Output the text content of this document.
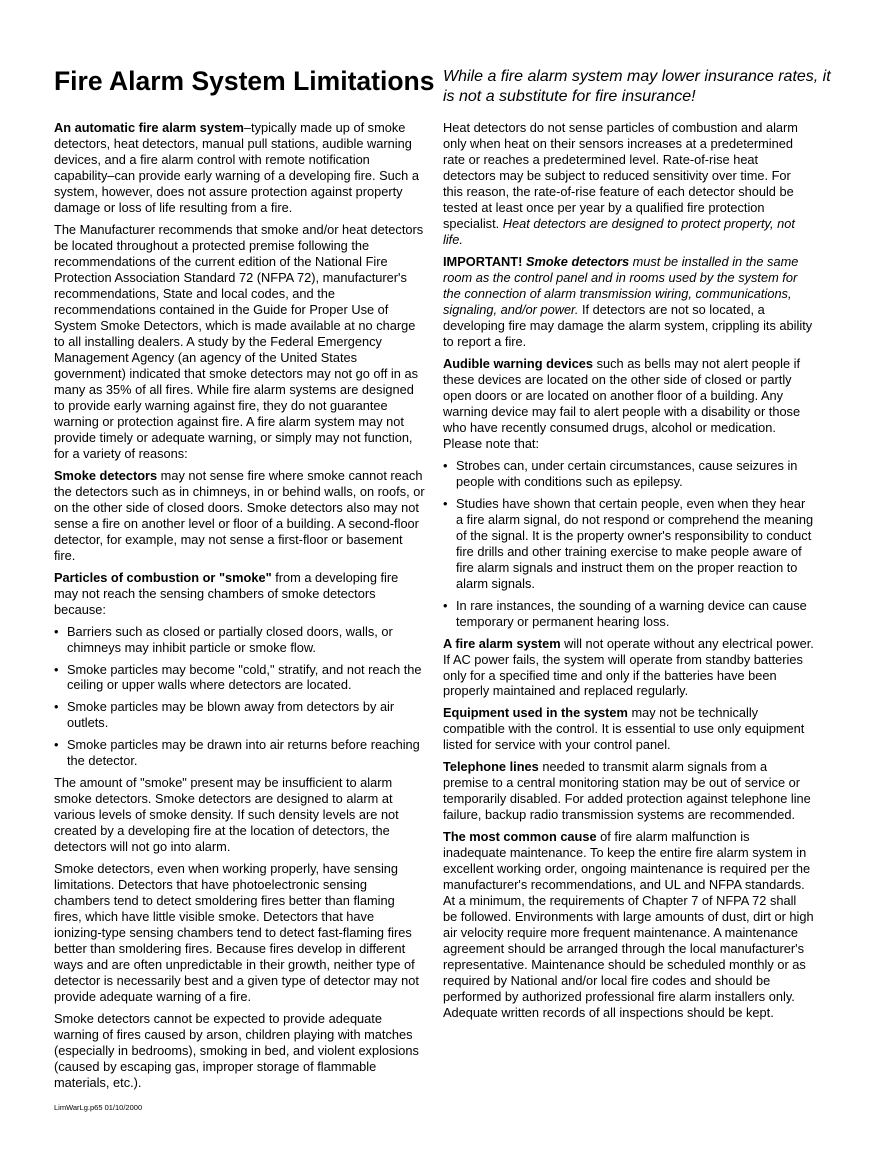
Fire Alarm System Limitations While a fire alarm system may lower insurance rates, it is not a substitute for fire insurance!

An automatic fire alarm system–typically made up of smoke detectors, heat detectors, manual pull stations, audible warning devices, and a fire alarm control with remote notification capability–can provide early warning of a developing fire. Such a system, however, does not assure protection against property damage or loss of life resulting from a fire.

The Manufacturer recommends that smoke and/or heat detectors be located throughout a protected premise following the recommendations of the current edition of the National Fire Protection Association Standard 72 (NFPA 72), manufacturer's recommendations, State and local codes, and the recommendations contained in the Guide for Proper Use of System Smoke Detectors, which is made available at no charge to all installing dealers. A study by the Federal Emergency Management Agency (an agency of the United States government) indicated that smoke detectors may not go off in as many as 35% of all fires. While fire alarm systems are designed to provide early warning against fire, they do not guarantee warning or protection against fire. A fire alarm system may not provide timely or adequate warning, or simply may not function, for a variety of reasons:

Smoke detectors may not sense fire where smoke cannot reach the detectors such as in chimneys, in or behind walls, on roofs, or on the other side of closed doors. Smoke detectors also may not sense a fire on another level or floor of a building. A second-floor detector, for example, may not sense a first-floor or basement fire.

Particles of combustion or "smoke" from a developing fire may not reach the sensing chambers of smoke detectors because:

• Barriers such as closed or partially closed doors, walls, or chimneys may inhibit particle or smoke flow.
• Smoke particles may become "cold," stratify, and not reach the ceiling or upper walls where detectors are located.
• Smoke particles may be blown away from detectors by air outlets.
• Smoke particles may be drawn into air returns before reaching the detector.

The amount of "smoke" present may be insufficient to alarm smoke detectors. Smoke detectors are designed to alarm at various levels of smoke density. If such density levels are not created by a developing fire at the location of detectors, the detectors will not go into alarm.

Smoke detectors, even when working properly, have sensing limitations. Detectors that have photoelectronic sensing chambers tend to detect smoldering fires better than flaming fires, which have little visible smoke. Detectors that have ionizing-type sensing chambers tend to detect fast-flaming fires better than smoldering fires. Because fires develop in different ways and are often unpredictable in their growth, neither type of detector is necessarily best and a given type of detector may not provide adequate warning of a fire.

Smoke detectors cannot be expected to provide adequate warning of fires caused by arson, children playing with matches (especially in bedrooms), smoking in bed, and violent explosions (caused by escaping gas, improper storage of flammable materials, etc.).

Heat detectors do not sense particles of combustion and alarm only when heat on their sensors increases at a predetermined rate or reaches a predetermined level. Rate-of-rise heat detectors may be subject to reduced sensitivity over time. For this reason, the rate-of-rise feature of each detector should be tested at least once per year by a qualified fire protection specialist. Heat detectors are designed to protect property, not life.

IMPORTANT! Smoke detectors must be installed in the same room as the control panel and in rooms used by the system for the connection of alarm transmission wiring, communications, signaling, and/or power. If detectors are not so located, a developing fire may damage the alarm system, crippling its ability to report a fire.

Audible warning devices such as bells may not alert people if these devices are located on the other side of closed or partly open doors or are located on another floor of a building. Any warning device may fail to alert people with a disability or those who have recently consumed drugs, alcohol or medication. Please note that:

• Strobes can, under certain circumstances, cause seizures in people with conditions such as epilepsy.
• Studies have shown that certain people, even when they hear a fire alarm signal, do not respond or comprehend the meaning of the signal. It is the property owner's responsibility to conduct fire drills and other training exercise to make people aware of fire alarm signals and instruct them on the proper reaction to alarm signals.
• In rare instances, the sounding of a warning device can cause temporary or permanent hearing loss.

A fire alarm system will not operate without any electrical power. If AC power fails, the system will operate from standby batteries only for a specified time and only if the batteries have been properly maintained and replaced regularly.

Equipment used in the system may not be technically compatible with the control. It is essential to use only equipment listed for service with your control panel.

Telephone lines needed to transmit alarm signals from a premise to a central monitoring station may be out of service or temporarily disabled. For added protection against telephone line failure, backup radio transmission systems are recommended.

The most common cause of fire alarm malfunction is inadequate maintenance. To keep the entire fire alarm system in excellent working order, ongoing maintenance is required per the manufacturer's recommendations, and UL and NFPA standards. At a minimum, the requirements of Chapter 7 of NFPA 72 shall be followed. Environments with large amounts of dust, dirt or high air velocity require more frequent maintenance. A maintenance agreement should be arranged through the local manufacturer's representative. Maintenance should be scheduled monthly or as required by National and/or local fire codes and should be performed by authorized professional fire alarm installers only. Adequate written records of all inspections should be kept.

LimWarLg.p65 01/10/2000
